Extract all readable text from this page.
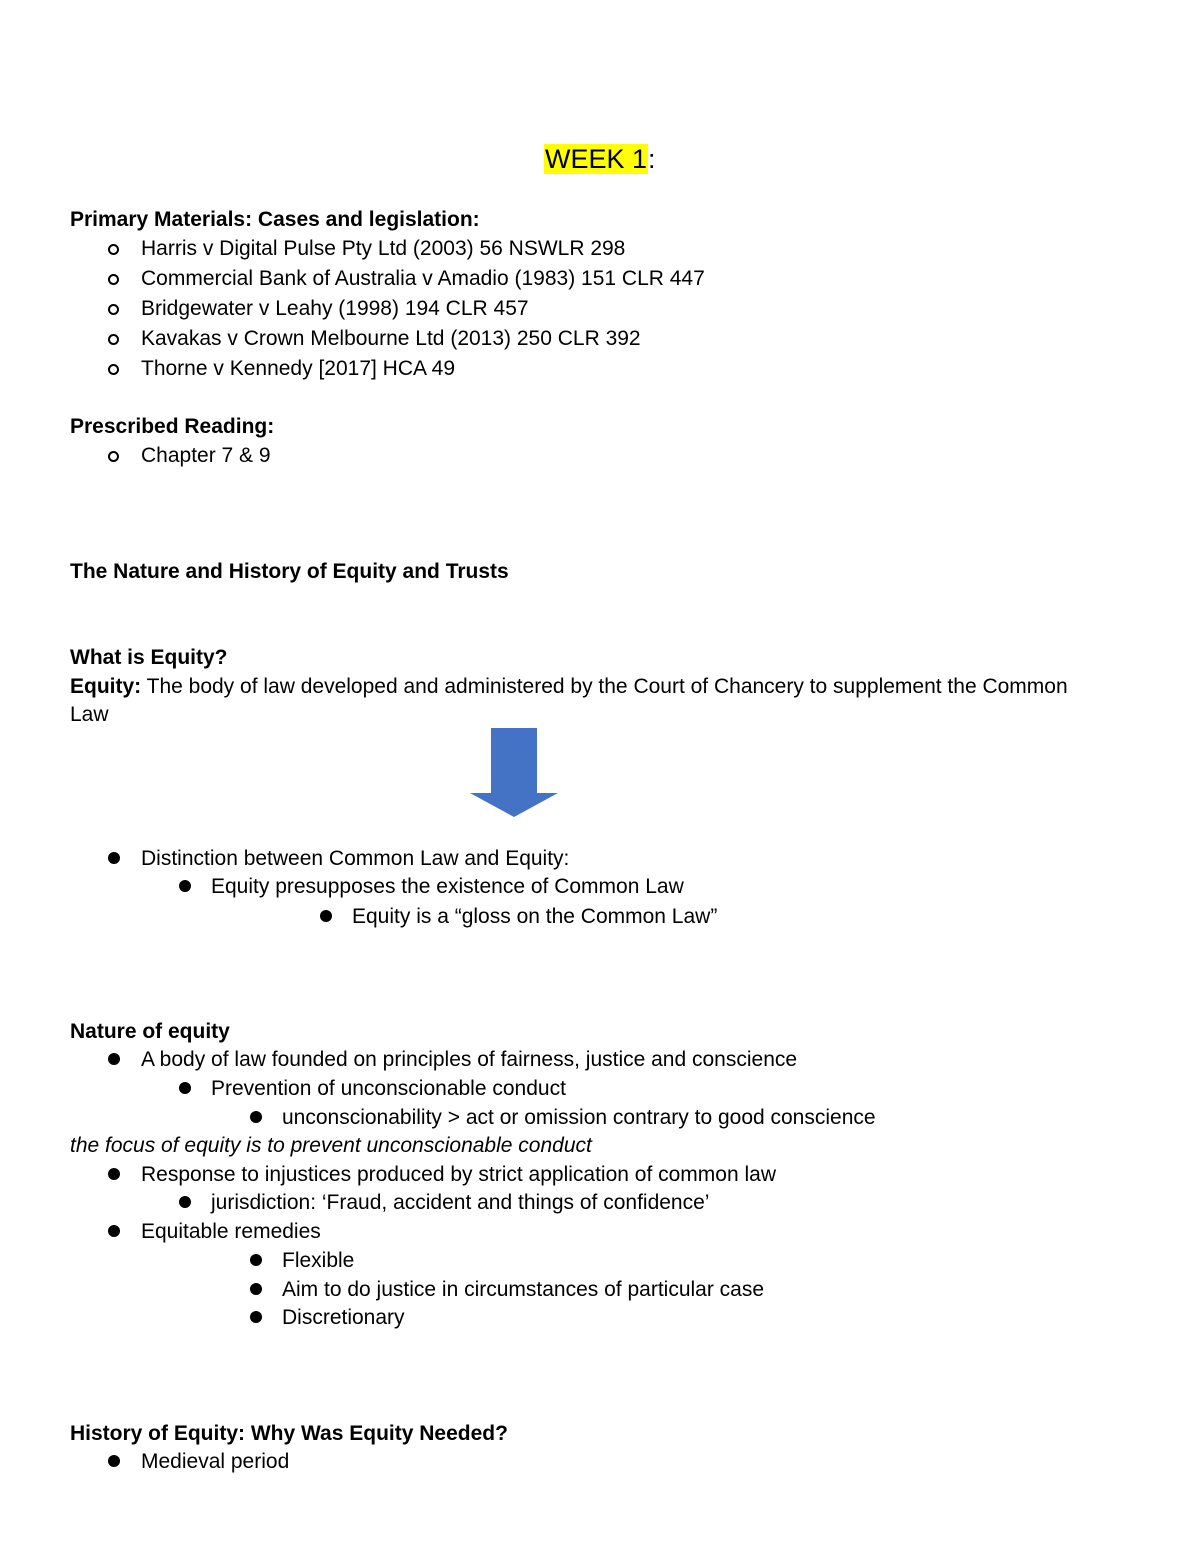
WEEK 1:
Primary Materials: Cases and legislation:
Harris v Digital Pulse Pty Ltd (2003) 56 NSWLR 298
Commercial Bank of Australia v Amadio (1983) 151 CLR 447
Bridgewater v Leahy (1998) 194 CLR 457
Kavakas v Crown Melbourne Ltd (2013) 250 CLR 392
Thorne v Kennedy [2017] HCA 49
Prescribed Reading:
Chapter 7 & 9
The Nature and History of Equity and Trusts
What is Equity?
Equity: The body of law developed and administered by the Court of Chancery to supplement the Common
Law
Distinction between Common Law and Equity:
Equity presupposes the existence of Common Law
Equity is a “gloss on the Common Law”
Nature of equity
A body of law founded on principles of fairness, justice and conscience
Prevention of unconscionable conduct
unconscionability > act or omission contrary to good conscience
the focus of equity is to prevent unconscionable conduct
Response to injustices produced by strict application of common law
jurisdiction: ‘Fraud, accident and things of confidence’
Equitable remedies
Flexible
Aim to do justice in circumstances of particular case
Discretionary
History of Equity: Why Was Equity Needed?
Medieval period
